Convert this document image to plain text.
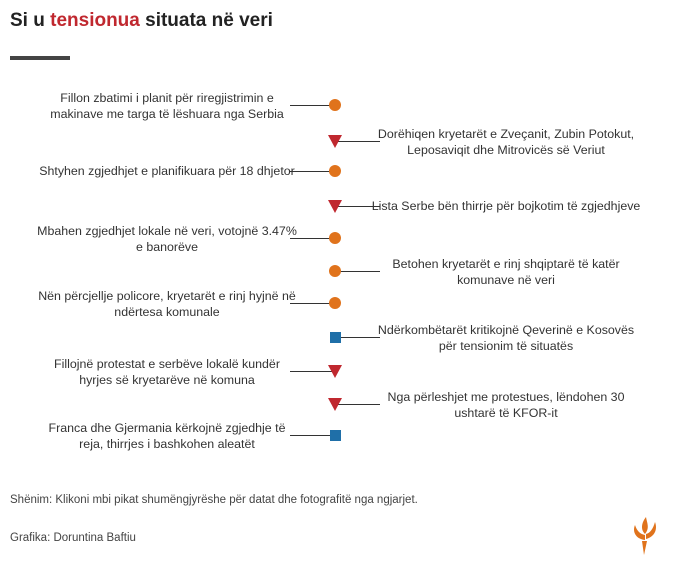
Si u tensionua situata në veri
Fillon zbatimi i planit për riregjistrimin e
makinave me targa të lëshuara nga Serbia
Dorëhiqen kryetarët e Zveçanit, Zubin Potokut,
Leposaviqit dhe Mitrovicës së Veriut
Shtyhen zgjedhjet e planifikuara për 18 dhjetor
Lista Serbe bën thirrje për bojkotim të zgjedhjeve
Mbahen zgjedhjet lokale në veri, votojnë 3.47%
e banorëve
Betohen kryetarët e rinj shqiptarë të katër
komunave në veri
Nën përcjellje policore, kryetarët e rinj hyjnë në
ndërtesa komunale
Ndërkombëtarët kritikojnë Qeverinë e Kosovës
për tensionim të situatës
Fillojnë protestat e serbëve lokalë kundër
hyrjes së kryetarëve në komuna
Nga përleshjet me protestues, lëndohen 30
ushtarë të KFOR-it
Franca dhe Gjermania kërkojnë zgjedhje të
reja, thirrjes i bashkohen aleatët
Shënim: Klikoni mbi pikat shumëngjyrëshe për datat dhe fotografitë nga ngjarjet.
Grafika: Doruntina Baftiu
